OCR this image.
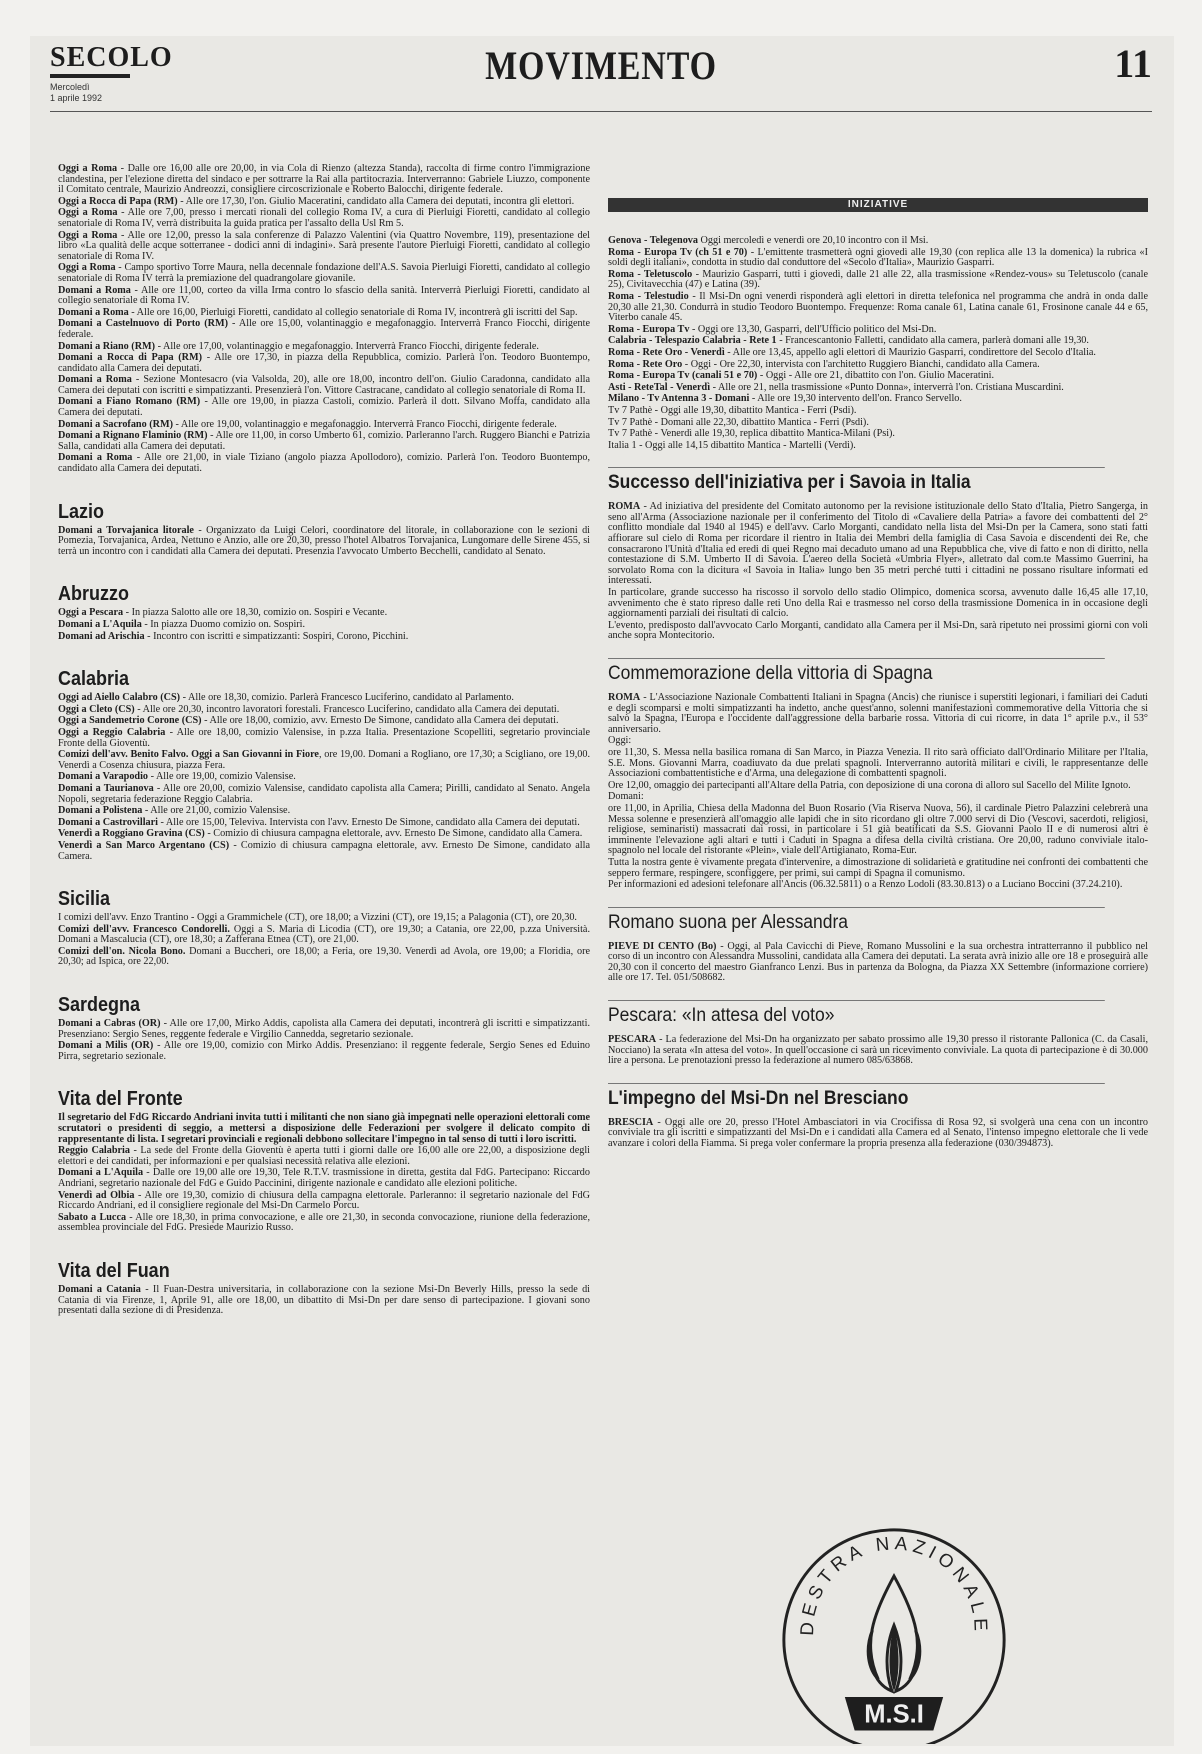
SECOLO
Mercoledì
1 aprile 1992
MOVIMENTO	11

Oggi a Roma - Dalle ore 16,00 alle ore 20,00, in via Cola di Rienzo (altezza Standa), raccolta di firme contro l'immigrazione clandestina, per l'elezione diretta del sindaco e per sottrarre la Rai alla partitocrazia. Interverranno: Gabriele Liuzzo, componente il Comitato centrale, Maurizio Andreozzi, consigliere circoscrizionale e Roberto Balocchi, dirigente federale.

Oggi a Rocca di Papa (RM) - Alle ore 17,30, l'on. Giulio Maceratini, candidato alla Camera dei deputati, incontra gli elettori.

Oggi a Roma - Alle ore 7,00, presso i mercati rionali del collegio Roma IV, a cura di Pierluigi Fioretti, candidato al collegio senatoriale di Roma IV, verrà distribuita la guida pratica per l'assalto della Usl Rm 5.

Oggi a Roma - Alle ore 12,00, presso la sala conferenze di Palazzo Valentini (via Quattro Novembre, 119), presentazione del libro «La qualità delle acque sotterranee - dodici anni di indagini». Sarà presente l'autore Pierluigi Fioretti, candidato al collegio senatoriale di Roma IV.

Oggi a Roma - Campo sportivo Torre Maura, nella decennale fondazione dell'A.S. Savoia Pierluigi Fioretti, candidato al collegio senatoriale di Roma IV terrà la premiazione del quadrangolare giovanile.

Domani a Roma - Alle ore 11,00, corteo da villa Irma contro lo sfascio della sanità. Interverrà Pierluigi Fioretti, candidato al collegio senatoriale di Roma IV.

Domani a Roma - Alle ore 16,00, Pierluigi Fioretti, candidato al collegio senatoriale di Roma IV, incontrerà gli iscritti del Sap.

Domani a Castelnuovo di Porto (RM) - Alle ore 15,00, volantinaggio e megafonaggio. Interverrà Franco Fiocchi, dirigente federale.

Domani a Riano (RM) - Alle ore 17,00, volantinaggio e megafonaggio. Interverrà Franco Fiocchi, dirigente federale.

Domani a Rocca di Papa (RM) - Alle ore 17,30, in piazza della Repubblica, comizio. Parlerà l'on. Teodoro Buontempo, candidato alla Camera dei deputati.

Domani a Roma - Sezione Montesacro (via Valsolda, 20), alle ore 18,00, incontro dell'on. Giulio Caradonna, candidato alla Camera dei deputati con iscritti e simpatizzanti. Presenzierà l'on. Vittore Castracane, candidato al collegio senatoriale di Roma II.

Domani a Fiano Romano (RM) - Alle ore 19,00, in piazza Castoli, comizio. Parlerà il dott. Silvano Moffa, candidato alla Camera dei deputati.

Domani a Sacrofano (RM) - Alle ore 19,00, volantinaggio e megafonaggio. Interverrà Franco Fiocchi, dirigente federale.

Domani a Rignano Flaminio (RM) - Alle ore 11,00, in corso Umberto 61, comizio. Parleranno l'arch. Ruggero Bianchi e Patrizia Salla, candidati alla Camera dei deputati.

Domani a Roma - Alle ore 21,00, in viale Tiziano (angolo piazza Apollodoro), comizio. Parlerà l'on. Teodoro Buontempo, candidato alla Camera dei deputati.

Lazio

Domani a Torvajanica litorale - Organizzato da Luigi Celori, coordinatore del litorale, in collaborazione con le sezioni di Pomezia, Torvajanica, Ardea, Nettuno e Anzio, alle ore 20,30, presso l'hotel Albatros Torvajanica, Lungomare delle Sirene 455, si terrà un incontro con i candidati alla Camera dei deputati. Presenzia l'avvocato Umberto Becchelli, candidato al Senato.

Abruzzo

Oggi a Pescara - In piazza Salotto alle ore 18,30, comizio on. Sospiri e Vecante.

Domani a L'Aquila - In piazza Duomo comizio on. Sospiri.

Domani ad Arischia - Incontro con iscritti e simpatizzanti: Sospiri, Corono, Picchini.

Calabria

Oggi ad Aiello Calabro (CS) - Alle ore 18,30, comizio. Parlerà Francesco Luciferino, candidato al Parlamento.

Oggi a Cleto (CS) - Alle ore 20,30, incontro lavoratori forestali. Francesco Luciferino, candidato alla Camera dei deputati.

Oggi a Sandemetrio Corone (CS) - Alle ore 18,00, comizio, avv. Ernesto De Simone, candidato alla Camera dei deputati.

Oggi a Reggio Calabria - Alle ore 18,00, comizio Valensise, in p.zza Italia. Presentazione Scopelliti, segretario provinciale Fronte della Gioventù.

Comizi dell'avv. Benito Falvo. Oggi a San Giovanni in Fiore, ore 19,00. Domani a Rogliano, ore 17,30; a Scigliano, ore 19,00. Venerdì a Cosenza chiusura, piazza Fera.

Domani a Varapodio - Alle ore 19,00, comizio Valensise.

Domani a Taurianova - Alle ore 20,00, comizio Valensise, candidato capolista alla Camera; Pirilli, candidato al Senato. Angela Nopoli, segretaria federazione Reggio Calabria.

Domani a Polistena - Alle ore 21,00, comizio Valensise.

Domani a Castrovillari - Alle ore 15,00, Televiva. Intervista con l'avv. Ernesto De Simone, candidato alla Camera dei deputati.

Venerdì a Roggiano Gravina (CS) - Comizio di chiusura campagna elettorale, avv. Ernesto De Simone, candidato alla Camera.

Venerdì a San Marco Argentano (CS) - Comizio di chiusura campagna elettorale, avv. Ernesto De Simone, candidato alla Camera.

Sicilia

I comizi dell'avv. Enzo Trantino - Oggi a Grammichele (CT), ore 18,00; a Vizzini (CT), ore 19,15; a Palagonia (CT), ore 20,30.

Comizi dell'avv. Francesco Condorelli. Oggi a S. Maria di Licodia (CT), ore 19,30; a Catania, ore 22,00, p.zza Università. Domani a Mascalucia (CT), ore 18,30; a Zafferana Etnea (CT), ore 21,00.

Comizi dell'on. Nicola Bono. Domani a Buccheri, ore 18,00; a Feria, ore 19,30. Venerdì ad Avola, ore 19,00; a Floridia, ore 20,30; ad Ispica, ore 22,00.

Sardegna

Domani a Cabras (OR) - Alle ore 17,00, Mirko Addis, capolista alla Camera dei deputati, incontrerà gli iscritti e simpatizzanti. Presenziano: Sergio Senes, reggente federale e Virgilio Cannedda, segretario sezionale.

Domani a Milis (OR) - Alle ore 19,00, comizio con Mirko Addis. Presenziano: il reggente federale, Sergio Senes ed Eduino Pirra, segretario sezionale.

Vita del Fronte

Il segretario del FdG Riccardo Andriani invita tutti i militanti che non siano già impegnati nelle operazioni elettorali come scrutatori o presidenti di seggio, a mettersi a disposizione delle Federazioni per svolgere il delicato compito di rappresentante di lista. I segretari provinciali e regionali debbono sollecitare l'impegno in tal senso di tutti i loro iscritti.

Reggio Calabria - La sede del Fronte della Gioventù è aperta tutti i giorni dalle ore 16,00 alle ore 22,00, a disposizione degli elettori e dei candidati, per informazioni e per qualsiasi necessità relativa alle elezioni.

Domani a L'Aquila - Dalle ore 19,00 alle ore 19,30, Tele R.T.V. trasmissione in diretta, gestita dal FdG. Partecipano: Riccardo Andriani, segretario nazionale del FdG e Guido Paccinini, dirigente nazionale e candidato alle elezioni politiche.

Venerdì ad Olbia - Alle ore 19,30, comizio di chiusura della campagna elettorale. Parleranno: il segretario nazionale del FdG Riccardo Andriani, ed il consigliere regionale del Msi-Dn Carmelo Porcu.

Sabato a Lucca - Alle ore 18,30, in prima convocazione, e alle ore 21,30, in seconda convocazione, riunione della federazione, assemblea provinciale del FdG. Presiede Maurizio Russo.

Vita del Fuan

Domani a Catania - Il Fuan-Destra universitaria, in collaborazione con la sezione Msi-Dn Beverly Hills, presso la sede di Catania di via Firenze, 1, Aprile 91, alle ore 18,00, un dibattito di Msi-Dn per dare senso di partecipazione. I giovani sono presentati dalla sezione di di Presidenza.

INIZIATIVE

Genova - Telegenova Oggi mercoledì e venerdì ore 20,10 incontro con il Msi.

Roma - Europa Tv (ch 51 e 70) - L'emittente trasmetterà ogni giovedì alle 19,30 (con replica alle 13 la domenica) la rubrica «I soldi degli italiani», condotta in studio dal conduttore del «Secolo d'Italia», Maurizio Gasparri.

Roma - Teletuscolo - Maurizio Gasparri, tutti i giovedì, dalle 21 alle 22, alla trasmissione «Rendez-vous» su Teletuscolo (canale 25), Civitavecchia (47) e Latina (39).

Roma - Telestudio - Il Msi-Dn ogni venerdì risponderà agli elettori in diretta telefonica nel programma che andrà in onda dalle 20,30 alle 21,30. Condurrà in studio Teodoro Buontempo. Frequenze: Roma canale 61, Latina canale 61, Frosinone canale 44 e 65, Viterbo canale 45.

Roma - Europa Tv - Oggi ore 13,30, Gasparri, dell'Ufficio politico del Msi-Dn.

Calabria - Telespazio Calabria - Rete 1 - Francescantonio Falletti, candidato alla camera, parlerà domani alle 19,30.

Roma - Rete Oro - Venerdì - Alle ore 13,45, appello agli elettori di Maurizio Gasparri, condirettore del Secolo d'Italia.

Roma - Rete Oro - Oggi - Ore 22,30, intervista con l'architetto Ruggiero Bianchi, candidato alla Camera.

Roma - Europa Tv (canali 51 e 70) - Oggi - Alle ore 21, dibattito con l'on. Giulio Maceratini.

Asti - ReteTal - Venerdì - Alle ore 21, nella trasmissione «Punto Donna», interverrà l'on. Cristiana Muscardini.

Milano - Tv Antenna 3 - Domani - Alle ore 19,30 intervento dell'on. Franco Servello.

Tv 7 Pathè - Oggi alle 19,30, dibattito Mantica - Ferri (Psdi).

Tv 7 Pathè - Domani alle 22,30, dibattito Mantica - Ferri (Psdi).

Tv 7 Pathè - Venerdì alle 19,30, replica dibattito Mantica-Milani (Psi).

Italia 1 - Oggi alle 14,15 dibattito Mantica - Martelli (Verdi).

Successo dell'iniziativa per i Savoia in Italia

ROMA - Ad iniziativa del presidente del Comitato autonomo per la revisione istituzionale dello Stato d'Italia, Pietro Sangerga, in seno all'Arma (Associazione nazionale per il conferimento del Titolo di «Cavaliere della Patria» a favore dei combattenti del 2° conflitto mondiale dal 1940 al 1945) e dell'avv. Carlo Morganti, candidato nella lista del Msi-Dn per la Camera, sono stati fatti affiorare sul cielo di Roma per ricordare il rientro in Italia dei Membri della famiglia di Casa Savoia e discendenti dei Re, che consacrarono l'Unità d'Italia ed eredi di quei Regno mai decaduto umano ad una Repubblica che, vive di fatto e non di diritto, nella contestazione di S.M. Umberto II di Savoia. L'aereo della Società «Umbria Flyer», alletrato dal com.te Massimo Guerrini, ha sorvolato Roma con la dicitura «I Savoia in Italia» lungo ben 35 metri perché tutti i cittadini ne possano risultare informati ed interessati.

In particolare, grande successo ha riscosso il sorvolo dello stadio Olimpico, domenica scorsa, avvenuto dalle 16,45 alle 17,10, avvenimento che è stato ripreso dalle reti Uno della Rai e trasmesso nel corso della trasmissione Domenica in in occasione degli aggiornamenti parziali dei risultati di calcio.

L'evento, predisposto dall'avvocato Carlo Morganti, candidato alla Camera per il Msi-Dn, sarà ripetuto nei prossimi giorni con voli anche sopra Montecitorio.

Commemorazione della vittoria di Spagna

ROMA - L'Associazione Nazionale Combattenti Italiani in Spagna (Ancis) che riunisce i superstiti legionari, i familiari dei Caduti e degli scomparsi e molti simpatizzanti ha indetto, anche quest'anno, solenni manifestazioni commemorative della Vittoria che si salvò la Spagna, l'Europa e l'occidente dall'aggressione della barbarie rossa. Vittoria di cui ricorre, in data 1° aprile p.v., il 53° anniversario.

Oggi:

ore 11,30, S. Messa nella basilica romana di San Marco, in Piazza Venezia. Il rito sarà officiato dall'Ordinario Militare per l'Italia, S.E. Mons. Giovanni Marra, coadiuvato da due prelati spagnoli. Interverranno autorità militari e civili, le rappresentanze delle Associazioni combattentistiche e d'Arma, una delegazione di combattenti spagnoli.

Ore 12,00, omaggio dei partecipanti all'Altare della Patria, con deposizione di una corona di alloro sul Sacello del Milite Ignoto.

Domani:

ore 11,00, in Aprilia, Chiesa della Madonna del Buon Rosario (Via Riserva Nuova, 56), il cardinale Pietro Palazzini celebrerà una Messa solenne e presenzierà all'omaggio alle lapidi che in sito ricordano gli oltre 7.000 servi di Dio (Vescovi, sacerdoti, religiosi, religiose, seminaristi) massacrati dai rossi, in particolare i 51 già beatificati da S.S. Giovanni Paolo II e di numerosi altri è imminente l'elevazione agli altari e tutti i Caduti in Spagna a difesa della civiltà cristiana. Ore 20,00, raduno conviviale italo-spagnolo nel locale del ristorante «Plein», viale dell'Artigianato, Roma-Eur.

Tutta la nostra gente è vivamente pregata d'intervenire, a dimostrazione di solidarietà e gratitudine nei confronti dei combattenti che seppero fermare, respingere, sconfiggere, per primi, sui campi di Spagna il comunismo.

Per informazioni ed adesioni telefonare all'Ancis (06.32.5811) o a Renzo Lodoli (83.30.813) o a Luciano Boccini (37.24.210).

Romano suona per Alessandra

PIEVE DI CENTO (Bo) - Oggi, al Pala Cavicchi di Pieve, Romano Mussolini e la sua orchestra intratterranno il pubblico nel corso di un incontro con Alessandra Mussolini, candidata alla Camera dei deputati. La serata avrà inizio alle ore 18 e proseguirà alle 20,30 con il concerto del maestro Gianfranco Lenzi. Bus in partenza da Bologna, da Piazza XX Settembre (informazione corriere) alle ore 17. Tel. 051/508682.

Pescara: «In attesa del voto»

PESCARA - La federazione del Msi-Dn ha organizzato per sabato prossimo alle 19,30 presso il ristorante Pallonica (C. da Casali, Nocciano) la serata «In attesa del voto». In quell'occasione ci sarà un ricevimento conviviale. La quota di partecipazione è di 30.000 lire a persona. Le prenotazioni presso la federazione al numero 085/63868.

L'impegno del Msi-Dn nel Bresciano

BRESCIA - Oggi alle ore 20, presso l'Hotel Ambasciatori in via Crocifissa di Rosa 92, si svolgerà una cena con un incontro conviviale tra gli iscritti e simpatizzanti del Msi-Dn e i candidati alla Camera ed al Senato, l'intenso impegno elettorale che li vede avanzare i colori della Fiamma. Si prega voler confermare la propria presenza alla federazione (030/394873).

DESTRA NAZIONALE
M.S.I
